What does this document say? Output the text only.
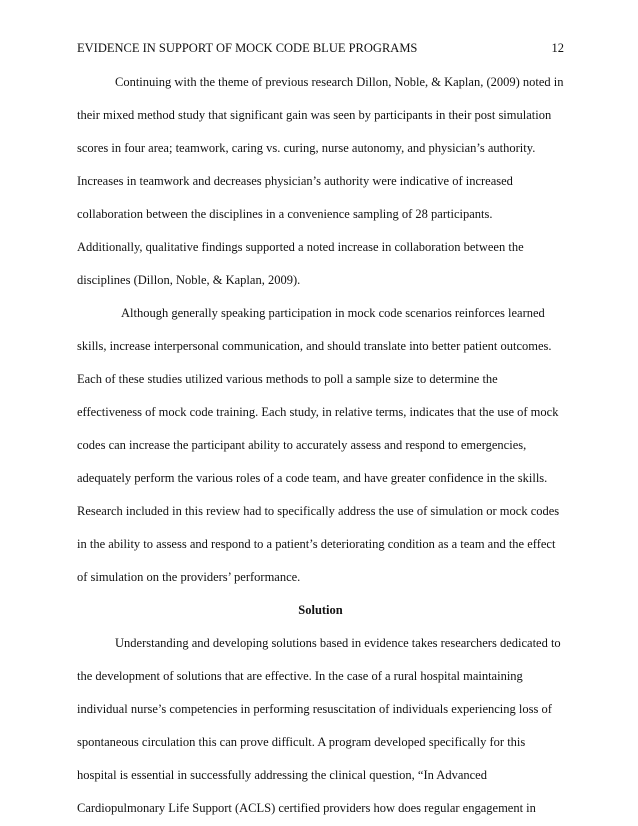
EVIDENCE IN SUPPORT OF MOCK CODE BLUE PROGRAMS	12
Continuing with the theme of previous research Dillon, Noble, & Kaplan, (2009) noted in
their mixed method study that significant gain was seen by participants in their post simulation
scores in four area; teamwork, caring vs. curing, nurse autonomy, and physician’s authority.
Increases in teamwork and decreases physician’s authority were indicative of increased
collaboration between the disciplines in a convenience sampling of 28 participants.
Additionally, qualitative findings supported a noted increase in collaboration between the
disciplines (Dillon, Noble, & Kaplan, 2009).
Although generally speaking participation in mock code scenarios reinforces learned
skills, increase interpersonal communication, and should translate into better patient outcomes.
Each of these studies utilized various methods to poll a sample size to determine the
effectiveness of mock code training. Each study, in relative terms, indicates that the use of mock
codes can increase the participant ability to accurately assess and respond to emergencies,
adequately perform the various roles of a code team, and have greater confidence in the skills.
Research included in this review had to specifically address the use of simulation or mock codes
in the ability to assess and respond to a patient’s deteriorating condition as a team and the effect
of simulation on the providers’ performance.
Solution
Understanding and developing solutions based in evidence takes researchers dedicated to
the development of solutions that are effective. In the case of a rural hospital maintaining
individual nurse’s competencies in performing resuscitation of individuals experiencing loss of
spontaneous circulation this can prove difficult. A program developed specifically for this
hospital is essential in successfully addressing the clinical question, “In Advanced
Cardiopulmonary Life Support (ACLS) certified providers how does regular engagement in
